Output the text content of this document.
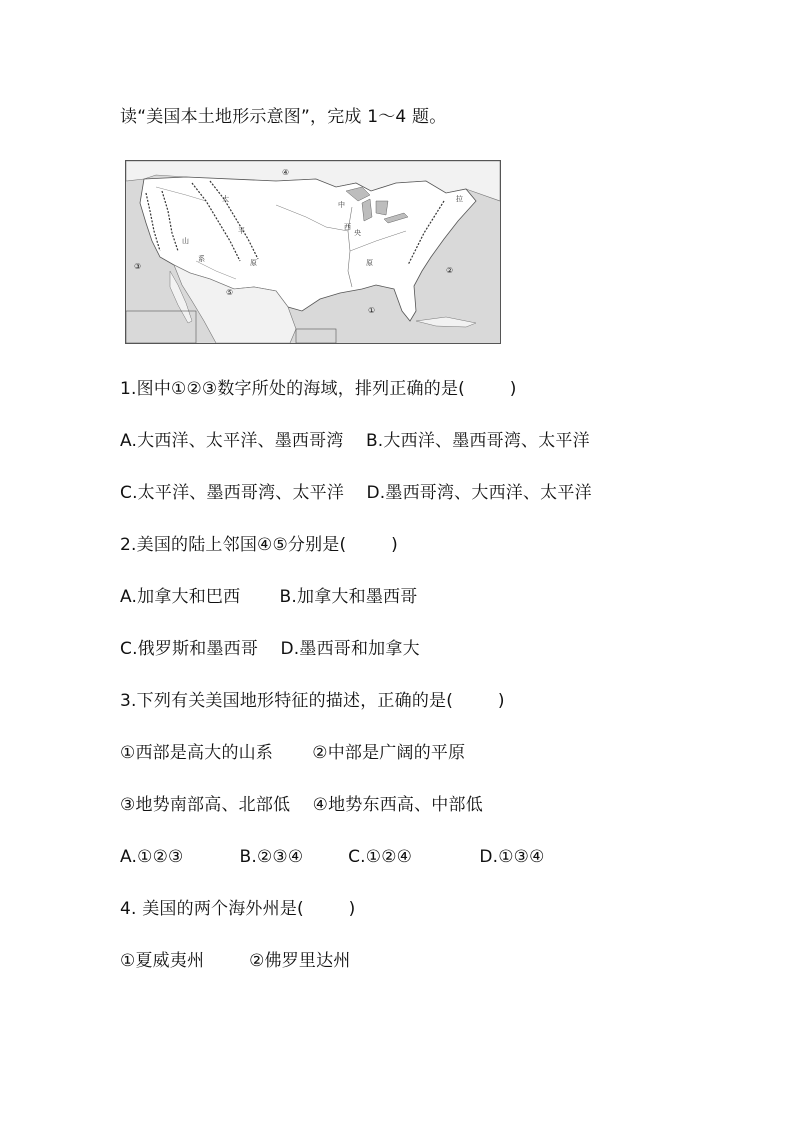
读“美国本土地形示意图”，完成 1～4 题。
①
②
③
④
⑤
大
平
原
中
西
央
原
系
山
拉
1.图中①②③数字所处的海域，排列正确的是(        )
A.大西洋、太平洋、墨西哥湾    B.大西洋、墨西哥湾、太平洋
C.太平洋、墨西哥湾、太平洋    D.墨西哥湾、大西洋、太平洋
2.美国的陆上邻国④⑤分别是(        )
A.加拿大和巴西       B.加拿大和墨西哥
C.俄罗斯和墨西哥    D.墨西哥和加拿大
3.下列有关美国地形特征的描述，正确的是(        )
①西部是高大的山系       ②中部是广阔的平原
③地势南部高、北部低    ④地势东西高、中部低
A.①②③          B.②③④        C.①②④            D.①③④
4. 美国的两个海外州是(        )
①夏威夷州        ②佛罗里达州
